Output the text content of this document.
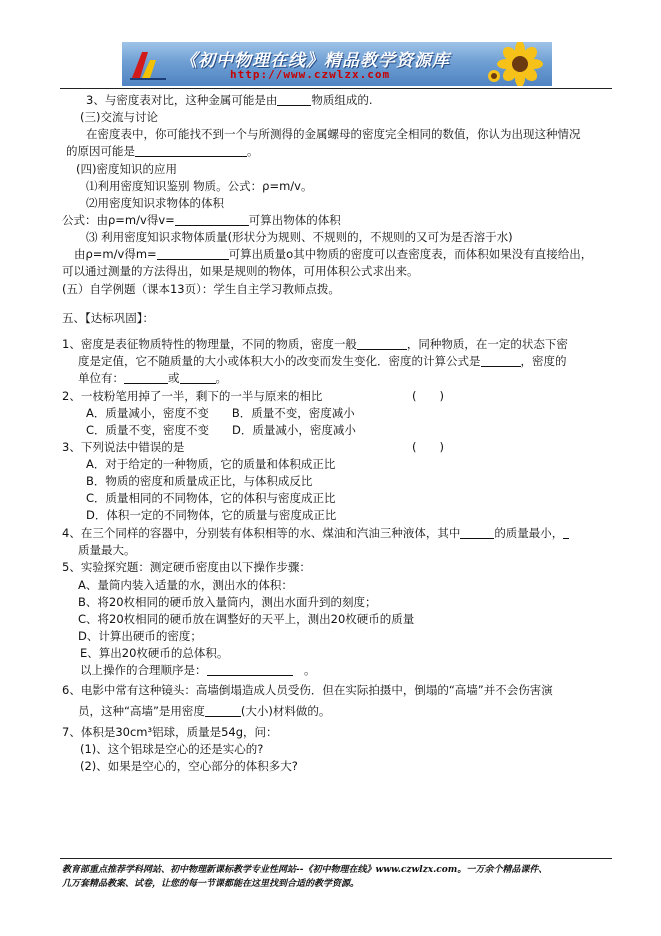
《初中物理在线》精品教学资源库
http://www.czwlzx.com
3、与密度表对比，这种金属可能是由	物质组成的.
(三)交流与讨论
在密度表中，你可能找不到一个与所测得的金属螺母的密度完全相同的数值，你认为出现这种情况
的原因可能是	。
(四)密度知识的应用
⑴利用密度知识鉴别 物质。公式：ρ=m/v。
⑵用密度知识求物体的体积
公式：由ρ=m/v得v=	可算出物体的体积
⑶ 利用密度知识求物体质量(形状分为规则、不规则的，不规则的又可为是否溶于水)
由ρ=m/v得m=	可算出质量o其中物质的密度可以查密度表，而体积如果没有直接给出，
可以通过测量的方法得出，如果是规则的物体，可用体积公式求出来。
(五）自学例题（课本13页）：学生自主学习教师点拨。
五、【达标巩固】：
1、密度是表征物质特性的物理量，不同的物质，密度一般	，同种物质，在一定的状态下密
度是定值，它不随质量的大小或体积大小的改变而发生变化．密度的计算公式是	，密度的
单位有：	或	。
2、一枝粉笔用掉了一半，剩下的一半与原来的相比	(　　)
A．质量减小，密度不变　　B．质量不变，密度减小
C．质量不变，密度不变　　D．质量减小，密度减小
3、下列说法中错误的是	(　　)
A．对于给定的一种物质，它的质量和体积成正比
B．物质的密度和质量成正比，与体积成反比
C．质量相同的不同物体，它的体积与密度成正比
D．体积一定的不同物体，它的质量与密度成正比
4、在三个同样的容器中，分别装有体积相等的水、煤油和汽油三种液体，其中	的质量最小，
质量最大。
5、实验探究题：测定硬币密度由以下操作步骤：
A、量筒内装入适量的水，测出水的体积：
B、将20枚相同的硬币放入量筒内，测出水面升到的刻度；
C、将20枚相同的硬币放在调整好的天平上，测出20枚硬币的质量
D、计算出硬币的密度；
E、算出20枚硬币的总体积。
以上操作的合理顺序是：　	。
6、电影中常有这种镜头：高墙倒塌造成人员受伤．但在实际拍摄中，倒塌的“高墙”并不会伤害演
员，这种“高墙”是用密度	(大小)材料做的。
7、体积是30cm³铝球，质量是54g，问：
(1)、这个铝球是空心的还是实心的?
(2)、如果是空心的，空心部分的体积多大?
教育部重点推荐学科网站、初中物理新课标教学专业性网站--《初中物理在线》www.czwlzx.com。一万余个精品课件、
几万套精品教案、试卷，让您的每一节课都能在这里找到合适的教学资源。
